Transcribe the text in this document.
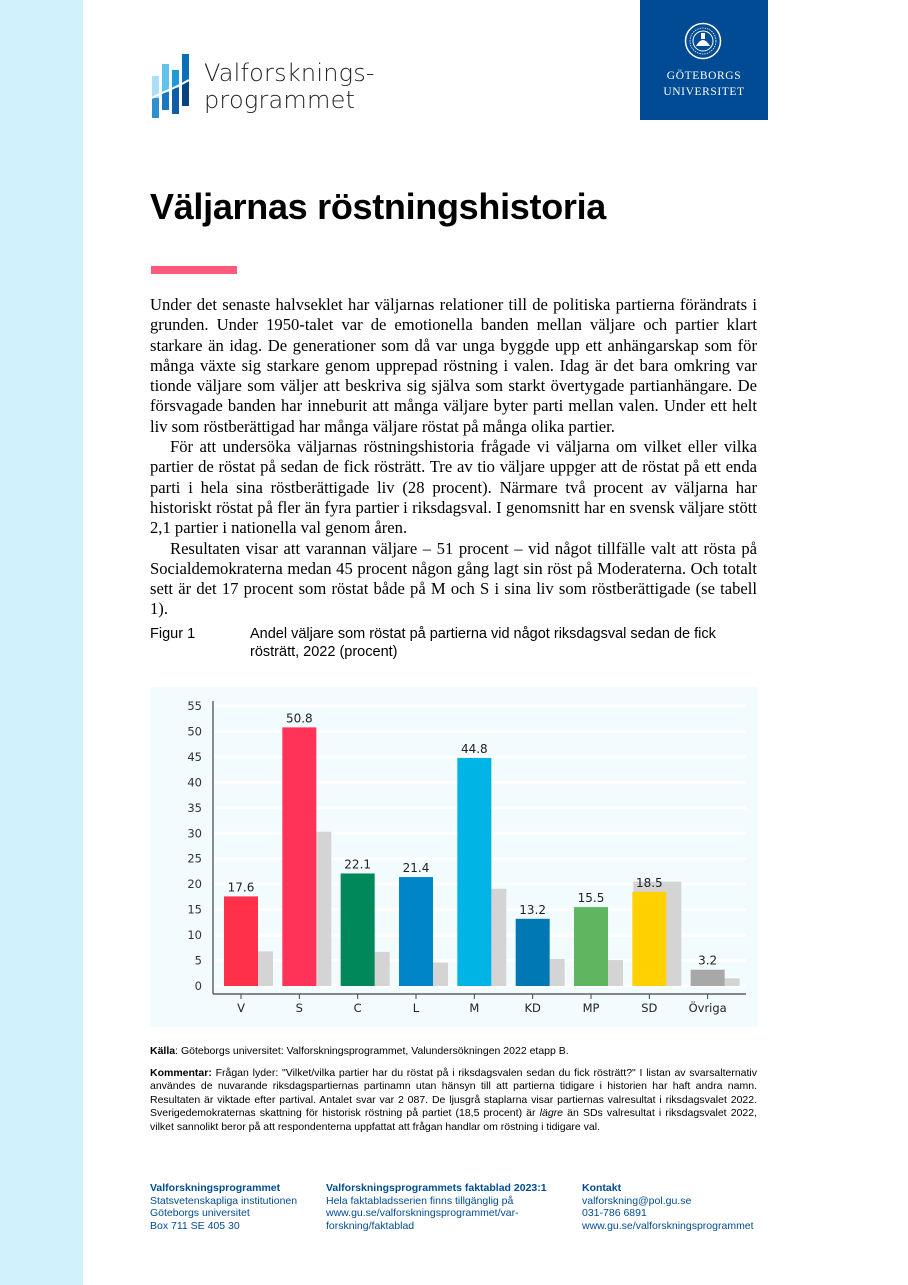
Valforsknings-
programmet
GÖTEBORGS
UNIVERSITET
Väljarnas röstningshistoria

Under det senaste halvseklet har väljarnas relationer till de politiska partierna förändrats i grunden. Under 1950-talet var de emotionella banden mellan väljare och partier klart starkare än idag. De generationer som då var unga byggde upp ett anhängarskap som för många växte sig starkare genom upprepad röstning i valen. Idag är det bara omkring var tionde väljare som väljer att beskriva sig själva som starkt övertygade partianhängare. De försvagade banden har inneburit att många väljare byter parti mellan valen. Under ett helt liv som röstberättigad har många väljare röstat på många olika partier.

För att undersöka väljarnas röstningshistoria frågade vi väljarna om vilket eller vilka partier de röstat på sedan de fick rösträtt. Tre av tio väljare uppger att de röstat på ett enda parti i hela sina röstberättigade liv (28 procent). Närmare två procent av väljarna har historiskt röstat på fler än fyra partier i riksdagsval. I genomsnitt har en svensk väljare stött 2,1 partier i nationella val genom åren.

Resultaten visar att varannan väljare – 51 procent – vid något tillfälle valt att rösta på Socialdemokraterna medan 45 procent någon gång lagt sin röst på Moderaterna. Och totalt sett är det 17 procent som röstat både på M och S i sina liv som röstberättigade (se tabell 1).

Figur 1	Andel väljare som röstat på partierna vid något riksdagsval sedan de fick rösträtt, 2022 (procent)
0
5
10
15
20
25
30
35
40
45
50
55
17.6
V
50.8
S
22.1
C
21.4
L
44.8
M
13.2
KD
15.5
MP
18.5
SD
3.2
Övriga
Källa: Göteborgs universitet: Valforskningsprogrammet, Valundersökningen 2022 etapp B.
Kommentar: Frågan lyder: "Vilket/vilka partier har du röstat på i riksdagsvalen sedan du fick rösträtt?" I listan av svarsalternativ användes de nuvarande riksdagspartiernas partinamn utan hänsyn till att partierna tidigare i historien har haft andra namn. Resultaten är viktade efter partival. Antalet svar var 2 087. De ljusgrå staplarna visar partiernas valresultat i riksdagsvalet 2022. Sverigedemokraternas skattning för historisk röstning på partiet (18,5 procent) är lägre än SDs valresultat i riksdagsvalet 2022, vilket sannolikt beror på att respondenterna uppfattat att frågan handlar om röstning i tidigare val.
Valforskningsprogrammet
Statsvetenskapliga institutionen
Göteborgs universitet
Box 711 SE 405 30
Valforskningsprogrammets faktablad 2023:1
Hela faktabladsserien finns tillgänglig på
www.gu.se/valforskningsprogrammet/var-
forskning/faktablad
Kontakt
valforskning@pol.gu.se
031-786 6891
www.gu.se/valforskningsprogrammet
